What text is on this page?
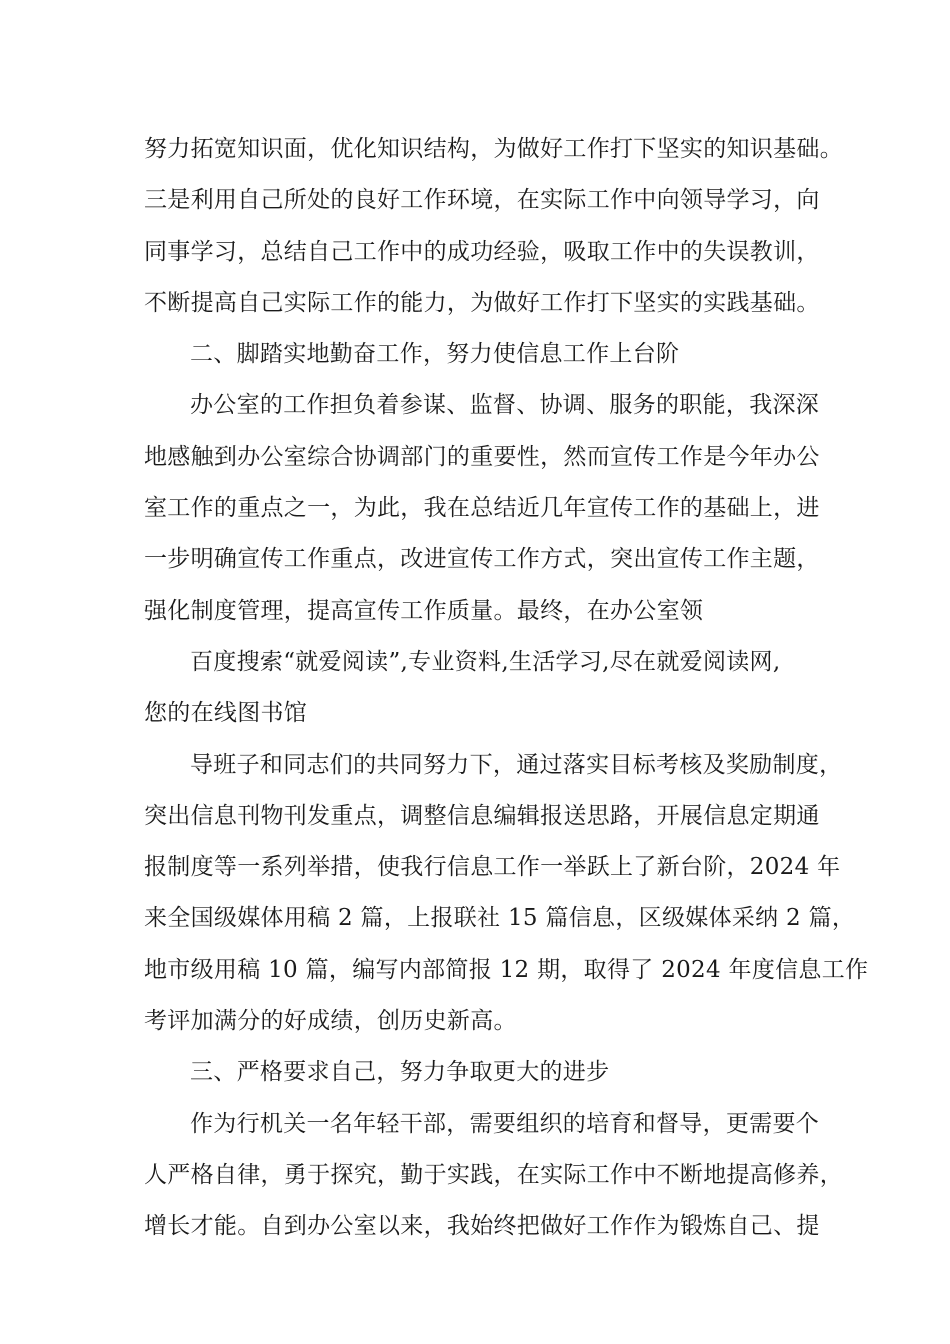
努力拓宽知识面，优化知识结构，为做好工作打下坚实的知识基础。
三是利用自己所处的良好工作环境，在实际工作中向领导学习，向
同事学习，总结自己工作中的成功经验，吸取工作中的失误教训，
不断提高自己实际工作的能力，为做好工作打下坚实的实践基础。
二、脚踏实地勤奋工作，努力使信息工作上台阶
办公室的工作担负着参谋、监督、协调、服务的职能，我深深
地感触到办公室综合协调部门的重要性，然而宣传工作是今年办公
室工作的重点之一，为此，我在总结近几年宣传工作的基础上，进
一步明确宣传工作重点，改进宣传工作方式，突出宣传工作主题，
强化制度管理，提高宣传工作质量。最终，在办公室领
百度搜索“就爱阅读”,专业资料,生活学习,尽在就爱阅读网,
您的在线图书馆
导班子和同志们的共同努力下，通过落实目标考核及奖励制度，
突出信息刊物刊发重点，调整信息编辑报送思路，开展信息定期通
报制度等一系列举措，使我行信息工作一举跃上了新台阶，2024 年
来全国级媒体用稿 2 篇，上报联社 15 篇信息，区级媒体采纳 2 篇，
地市级用稿 10 篇，编写内部简报 12 期，取得了 2024 年度信息工作
考评加满分的好成绩，创历史新高。
三、严格要求自己，努力争取更大的进步
作为行机关一名年轻干部，需要组织的培育和督导，更需要个
人严格自律，勇于探究，勤于实践，在实际工作中不断地提高修养，
增长才能。自到办公室以来，我始终把做好工作作为锻炼自己、提
